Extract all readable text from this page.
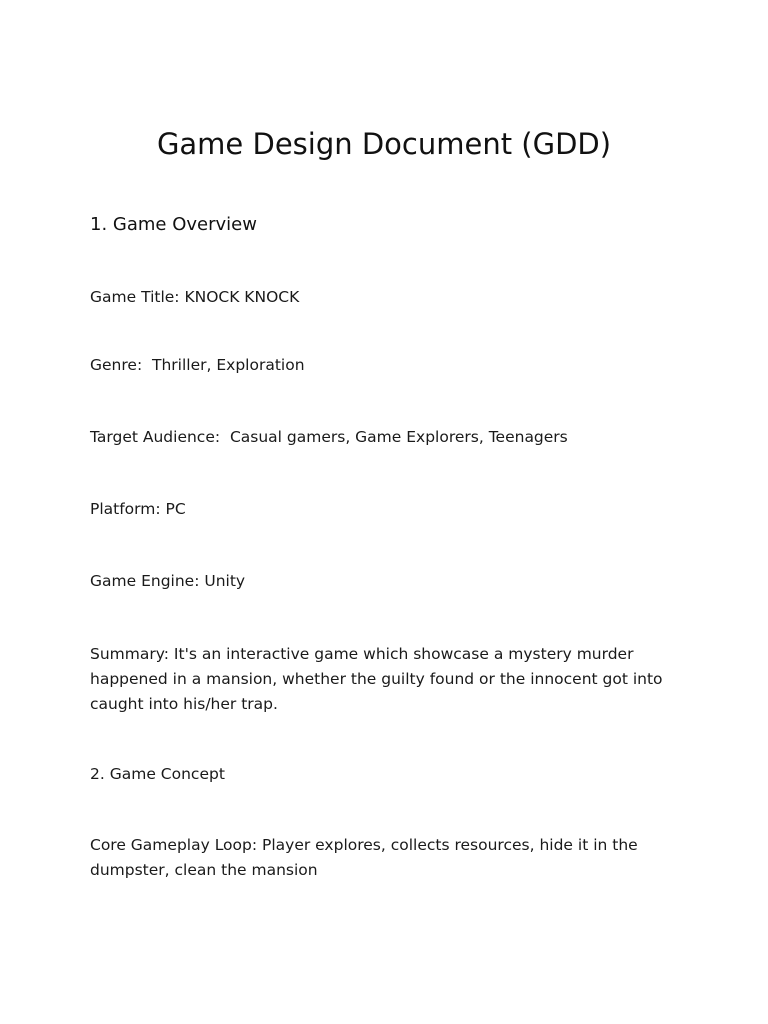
Game Design Document (GDD)
1. Game Overview

Game Title: KNOCK KNOCK

Genre:  Thriller, Exploration

Target Audience:  Casual gamers, Game Explorers, Teenagers

Platform: PC

Game Engine: Unity

Summary: It's an interactive game which showcase a mystery murder happened in a mansion, whether the guilty found or the innocent got into caught into his/her trap.

2. Game Concept

Core Gameplay Loop: Player explores, collects resources, hide it in the dumpster, clean the mansion
